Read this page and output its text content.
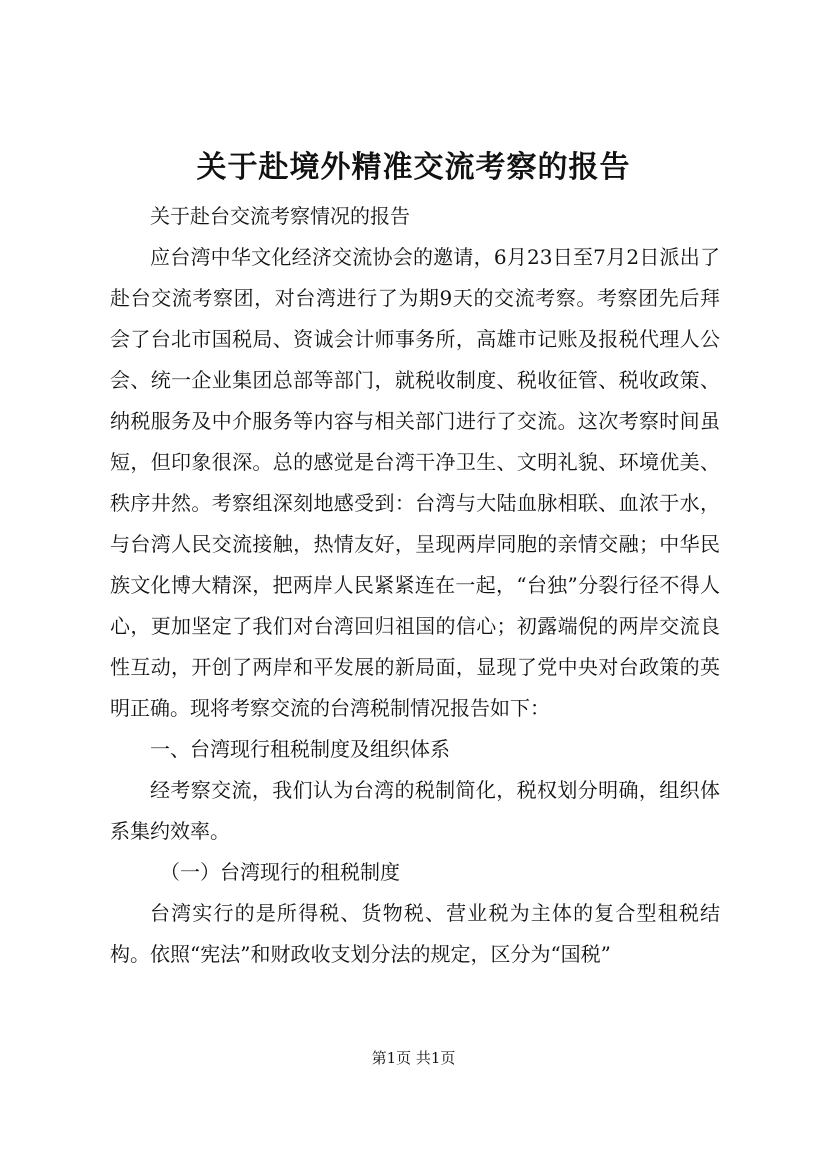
关于赴境外精准交流考察的报告

关于赴台交流考察情况的报告

应台湾中华文化经济交流协会的邀请，6月23日至7月2日派出了赴台交流考察团，对台湾进行了为期9天的交流考察。考察团先后拜会了台北市国税局、资诚会计师事务所，高雄市记账及报税代理人公会、统一企业集团总部等部门，就税收制度、税收征管、税收政策、纳税服务及中介服务等内容与相关部门进行了交流。这次考察时间虽短，但印象很深。总的感觉是台湾干净卫生、文明礼貌、环境优美、秩序井然。考察组深刻地感受到：台湾与大陆血脉相联、血浓于水，与台湾人民交流接触，热情友好，呈现两岸同胞的亲情交融；中华民族文化博大精深，把两岸人民紧紧连在一起，“台独”分裂行径不得人心，更加坚定了我们对台湾回归祖国的信心；初露端倪的两岸交流良性互动，开创了两岸和平发展的新局面，显现了党中央对台政策的英明正确。现将考察交流的台湾税制情况报告如下：

一、台湾现行租税制度及组织体系

经考察交流，我们认为台湾的税制简化，税权划分明确，组织体系集约效率。

（一）台湾现行的租税制度

台湾实行的是所得税、货物税、营业税为主体的复合型租税结构。依照“宪法”和财政收支划分法的规定，区分为“国税”

第1页 共1页
